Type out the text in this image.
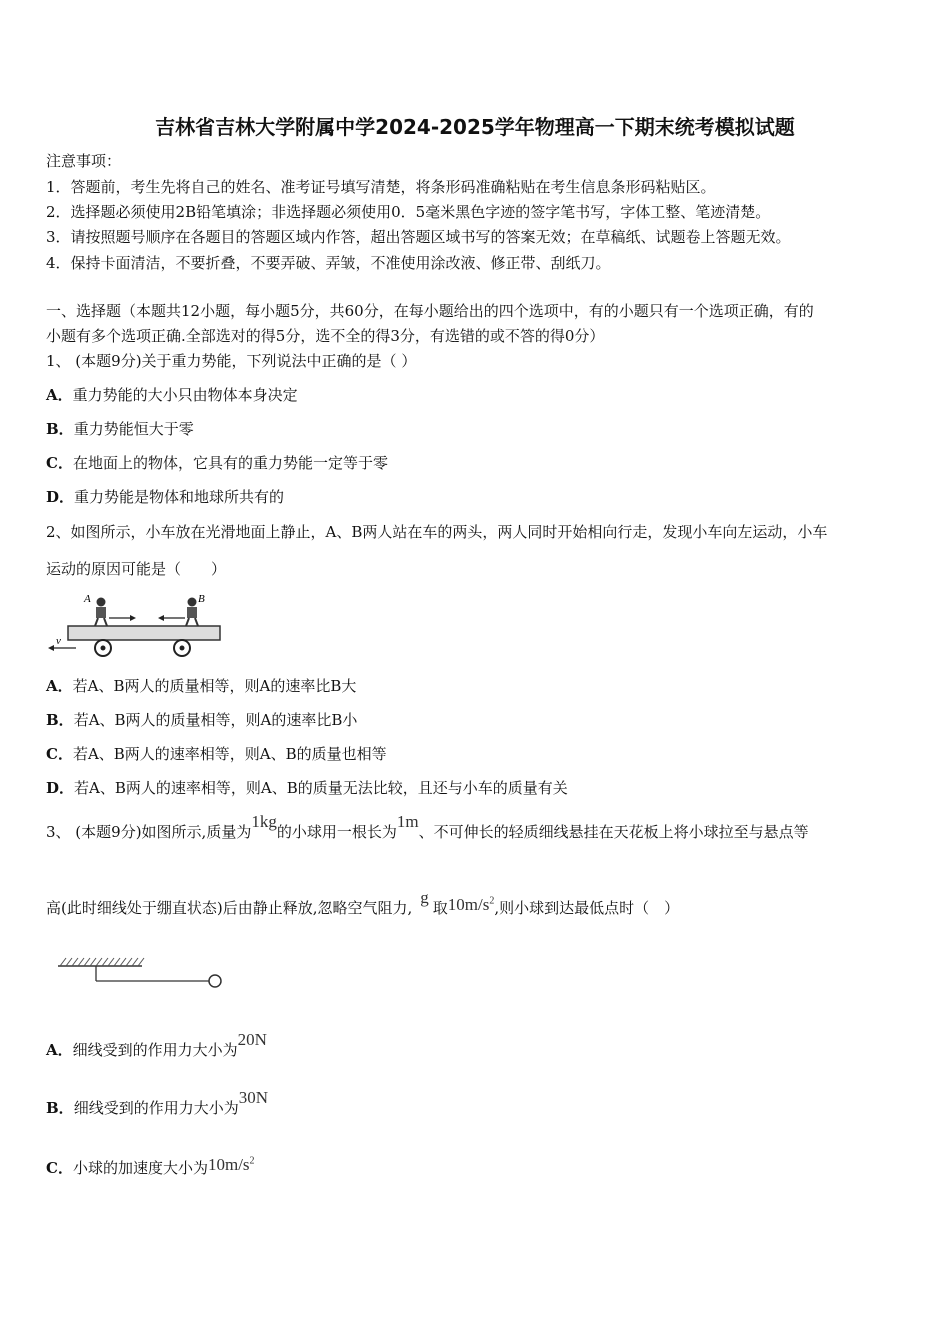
吉林省吉林大学附属中学2024-2025学年物理高一下期末统考模拟试题
注意事项：
1．答题前，考生先将自己的姓名、准考证号填写清楚，将条形码准确粘贴在考生信息条形码粘贴区。
2．选择题必须使用2B铅笔填涂；非选择题必须使用0．5毫米黑色字迹的签字笔书写，字体工整、笔迹清楚。
3．请按照题号顺序在各题目的答题区域内作答，超出答题区域书写的答案无效；在草稿纸、试题卷上答题无效。
4．保持卡面清洁，不要折叠，不要弄破、弄皱，不准使用涂改液、修正带、刮纸刀。
一、选择题（本题共12小题，每小题5分，共60分，在每小题给出的四个选项中，有的小题只有一个选项正确，有的
小题有多个选项正确.全部选对的得5分，选不全的得3分，有选错的或不答的得0分）
1、 (本题9分)关于重力势能，下列说法中正确的是（ ）
A．重力势能的大小只由物体本身决定
B．重力势能恒大于零
C．在地面上的物体，它具有的重力势能一定等于零
D．重力势能是物体和地球所共有的
2、如图所示，小车放在光滑地面上静止，A、B两人站在车的两头，两人同时开始相向行走，发现小车向左运动，小车
运动的原因可能是（　　）
A	B
v
A．若A、B两人的质量相等，则A的速率比B大
B．若A、B两人的质量相等，则A的速率比B小
C．若A、B两人的速率相等，则A、B的质量也相等
D．若A、B两人的速率相等，则A、B的质量无法比较，且还与小车的质量有关
3、 (本题9分)如图所示,质量为1kg的小球用一根长为1m、不可伸长的轻质细线悬挂在天花板上将小球拉至与悬点等
高(此时细线处于绷直状态)后由静止释放,忽略空气阻力,g取$10m/s^2$,则小球到达最低点时（　）
A．细线受到的作用力大小为20N
B．细线受到的作用力大小为30N
C．小球的加速度大小为$10m/s^2$
